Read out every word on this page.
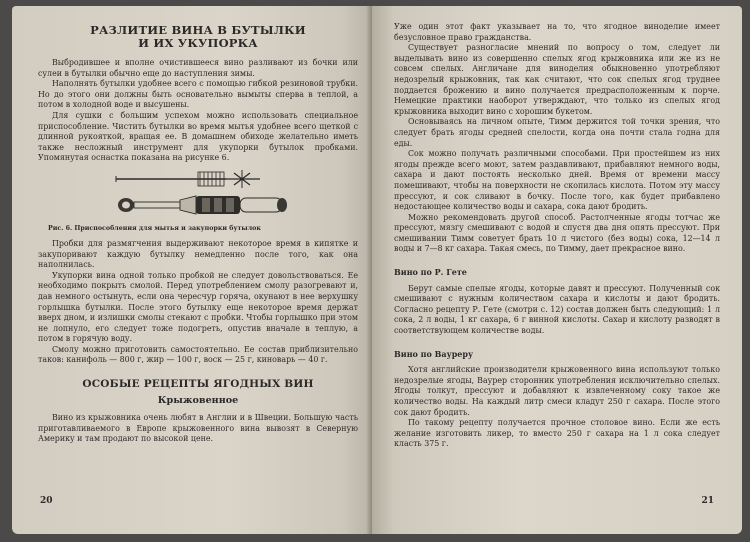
РАЗЛИТИЕ ВИНА В БУТЫЛКИ
И ИХ УКУПОРКА

Выбродившее и вполне очистившееся вино разливают из бочки или сулеи в бутылки обычно еще до наступления зимы.

Наполнять бутылки удобнее всего с помощью гибкой резиновой трубки. Но до этого они должны быть основательно вымыты сперва в теплой, а потом в холодной воде и высушены.

Для сушки с большим успехом можно использовать специальное приспособление. Чистить бутылки во время мытья удобнее всего щеткой с длинной рукояткой, вращая ее. В домашнем обиходе желательно иметь также несложный инструмент для укупорки бутылок пробками. Упомянутая оснастка показана на рисунке 6.

Рис. 6. Приспособления для мытья и закупорки бутылок

Пробки для размягчения выдерживают некоторое время в кипятке и закупоривают каждую бутылку немедленно после того, как она наполнилась.

Укупорки вина одной только пробкой не следует довольствоваться. Ее необходимо покрыть смолой. Перед употреблением смолу разогревают и, дав немного остынуть, если она чересчур горяча, окунают в нее верхушку горлышка бутылки. После этого бутылку еще некоторое время держат вверх дном, и излишки смолы стекают с пробки. Чтобы горлышко при этом не лопнуло, его следует тоже подогреть, опустив вначале в теплую, а потом в горячую воду.

Смолу можно приготовить самостоятельно. Ее состав приблизительно таков: канифоль — 800 г, жир — 100 г, воск — 25 г, киноварь — 40 г.

ОСОБЫЕ РЕЦЕПТЫ ЯГОДНЫХ ВИН
Крыжовенное

Вино из крыжовника очень любят в Англии и в Швеции. Большую часть приготавливаемого в Европе крыжовенного вина вывозят в Северную Америку и там продают по высокой цене.

20

Уже один этот факт указывает на то, что ягодное виноделие имеет безусловное право гражданства.

Существует разногласие мнений по вопросу о том, следует ли выделывать вино из совершенно спелых ягод крыжовника или же из не совсем спелых. Англичане для виноделия обыкновенно употребляют недозрелый крыжовник, так как считают, что сок спелых ягод труднее поддается брожению и вино получается предрасположенным к порче. Немецкие практики наоборот утверждают, что только из спелых ягод крыжовника выходит вино с хорошим букетом.

Основываясь на личном опыте, Тимм держится той точки зрения, что следует брать ягоды средней спелости, когда она почти стала годна для еды.

Сок можно получать различными способами. При простейшем из них ягоды прежде всего моют, затем раздавливают, прибавляют немного воды, сахара и дают постоять несколько дней. Время от времени массу помешивают, чтобы на поверхности не скопилась кислота. Потом эту массу прессуют, и сок сливают в бочку. После того, как будет прибавлено недостающее количество воды и сахара, сока дают бродить.

Можно рекомендовать другой способ. Растолченные ягоды тотчас же прессуют, мязгу смешивают с водой и спустя два дня опять прессуют. При смешивании Тимм советует брать 10 л чистого (без воды) сока, 12—14 л воды и 7—8 кг сахара. Такая смесь, по Тимму, дает прекрасное вино.

Вино по Р. Гете

Берут самые спелые ягоды, которые давят и прессуют. Полученный сок смешивают с нужным количеством сахара и кислоты и дают бродить. Согласно рецепту Р. Гете (смотри с. 12) состав должен быть следующий: 1 л сока, 2 л воды, 1 кг сахара, 6 г винной кислоты. Сахар и кислоту разводят в соответствующем количестве воды.

Вино по Вауреру

Хотя английские производители крыжовенного вина используют только недозрелые ягоды, Ваурер сторонник употребления исключительно спелых. Ягоды толкут, прессуют и добавляют к извлеченному соку такое же количество воды. На каждый литр смеси кладут 250 г сахара. После этого сок дают бродить.

По такому рецепту получается прочное столовое вино. Если же есть желание изготовить ликер, то вместо 250 г сахара на 1 л сока следует класть 375 г.

21
